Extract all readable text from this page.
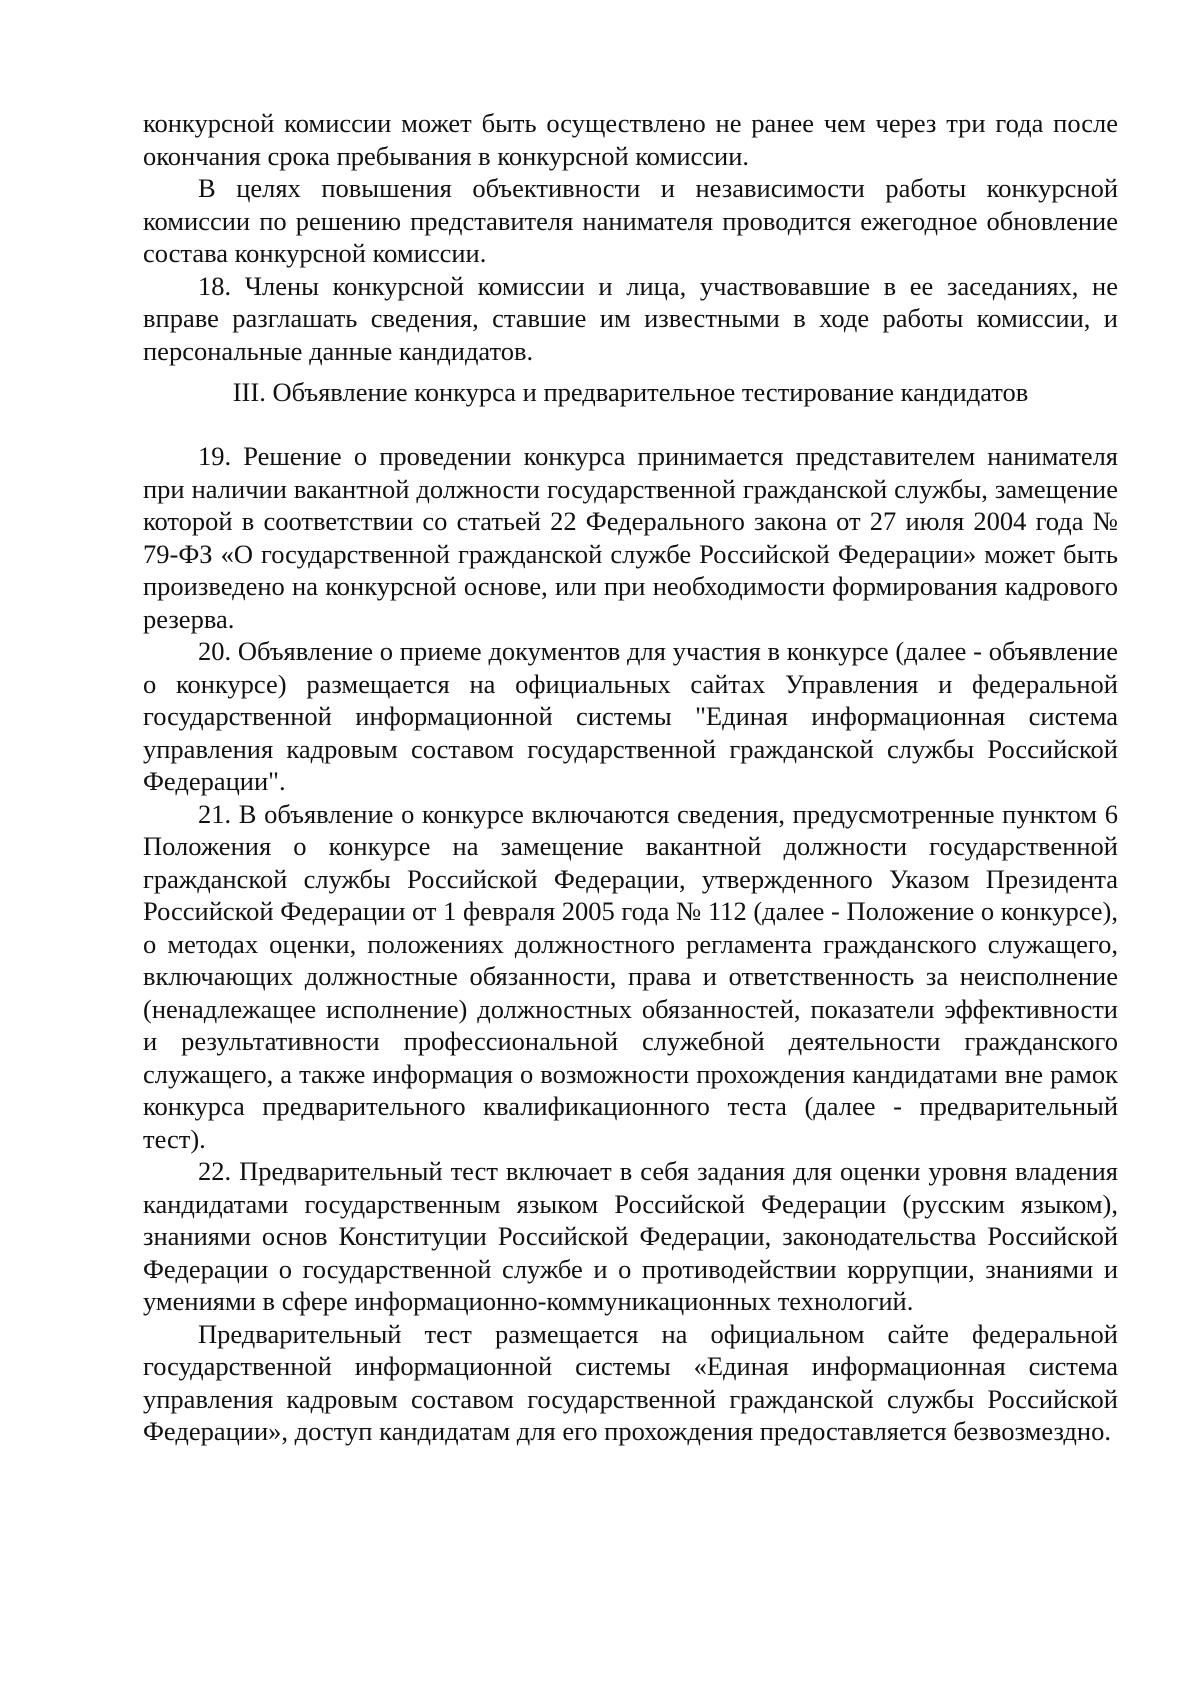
конкурсной комиссии может быть осуществлено не ранее чем через три года после окончания срока пребывания в конкурсной комиссии.

В целях повышения объективности и независимости работы конкурсной комиссии по решению представителя нанимателя проводится ежегодное обновление состава конкурсной комиссии.

18. Члены конкурсной комиссии и лица, участвовавшие в ее заседаниях, не вправе разглашать сведения, ставшие им известными в ходе работы комиссии, и персональные данные кандидатов.

III. Объявление конкурса и предварительное тестирование кандидатов

19. Решение о проведении конкурса принимается представителем нанимателя при наличии вакантной должности государственной гражданской службы, замещение которой в соответствии со статьей 22 Федерального закона от 27 июля 2004 года № 79-ФЗ «О государственной гражданской службе Российской Федерации» может быть произведено на конкурсной основе, или при необходимости формирования кадрового резерва.

20. Объявление о приеме документов для участия в конкурсе (далее - объявление о конкурсе) размещается на официальных сайтах Управления и федеральной государственной информационной системы "Единая информационная система управления кадровым составом государственной гражданской службы Российской Федерации".

21. В объявление о конкурсе включаются сведения, предусмотренные пунктом 6 Положения о конкурсе на замещение вакантной должности государственной гражданской службы Российской Федерации, утвержденного Указом Президента Российской Федерации от 1 февраля 2005 года № 112 (далее - Положение о конкурсе), о методах оценки, положениях должностного регламента гражданского служащего, включающих должностные обязанности, права и ответственность за неисполнение (ненадлежащее исполнение) должностных обязанностей, показатели эффективности и результативности профессиональной служебной деятельности гражданского служащего, а также информация о возможности прохождения кандидатами вне рамок конкурса предварительного квалификационного теста (далее - предварительный тест).

22. Предварительный тест включает в себя задания для оценки уровня владения кандидатами государственным языком Российской Федерации (русским языком), знаниями основ Конституции Российской Федерации, законодательства Российской Федерации о государственной службе и о противодействии коррупции, знаниями и умениями в сфере информационно-коммуникационных технологий.

Предварительный тест размещается на официальном сайте федеральной государственной информационной системы «Единая информационная система управления кадровым составом государственной гражданской службы Российской Федерации», доступ кандидатам для его прохождения предоставляется безвозмездно.
